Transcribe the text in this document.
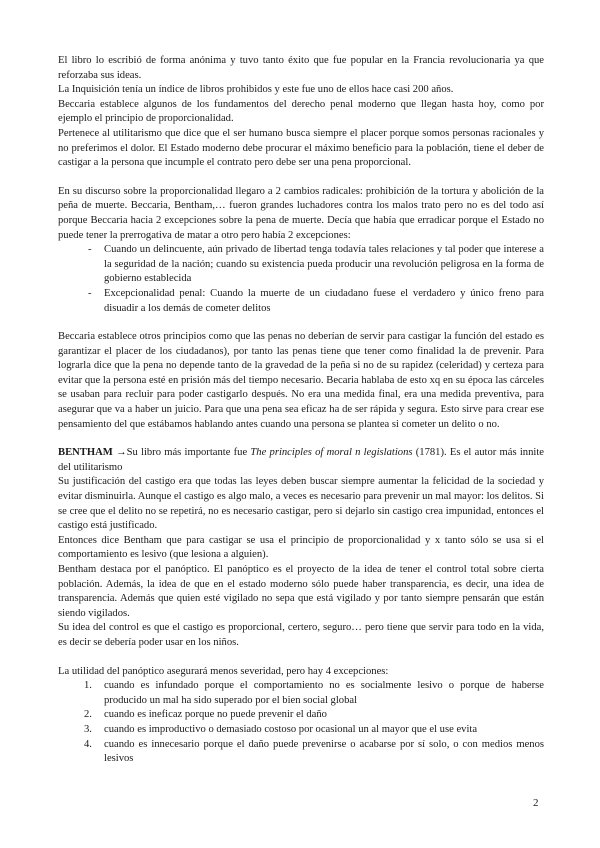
El libro lo escribió de forma anónima y tuvo tanto éxito que fue popular en la Francia revolucionaria ya que reforzaba sus ideas.

La Inquisición tenía un índice de libros prohibidos y este fue uno de ellos hace casi 200 años.

Beccaria establece algunos de los fundamentos del derecho penal moderno que llegan hasta hoy, como por ejemplo el principio de proporcionalidad.

Pertenece al utilitarismo que dice que el ser humano busca siempre el placer porque somos personas racionales y no preferimos el dolor. El Estado moderno debe procurar el máximo beneficio para la población, tiene el deber de castigar a la persona que incumple el contrato pero debe ser una pena proporcional.

En su discurso sobre la proporcionalidad llegaro a 2 cambios radicales: prohibición de la tortura y abolición de la peña de muerte. Beccaria, Bentham,… fueron grandes luchadores contra los malos trato pero no es del todo así porque Beccaria hacia 2 excepciones sobre la pena de muerte. Decía que había que erradicar porque el Estado no puede tener la prerrogativa de matar a otro pero había 2 excepciones:

- Cuando un delincuente, aún privado de libertad tenga todavía tales relaciones y tal poder que interese a la seguridad de la nación; cuando su existencia pueda producir una revolución peligrosa en la forma de gobierno establecida
- Excepcionalidad penal: Cuando la muerte de un ciudadano fuese el verdadero y único freno para disuadir a los demás de cometer delitos

Beccaria establece otros principios como que las penas no deberían de servir para castigar la función del estado es garantizar el placer de los ciudadanos), por tanto las penas tiene que tener como finalidad la de prevenir. Para lograrla dice que la pena no depende tanto de la gravedad de la peña si no de su rapidez (celeridad) y certeza para evitar que la persona esté en prisión más del tiempo necesario. Becaria hablaba de esto xq en su época las cárceles se usaban para recluir para poder castigarlo después. No era una medida final, era una medida preventiva, para asegurar que va a haber un juicio. Para que una pena sea eficaz ha de ser rápida y segura. Esto sirve para crear ese pensamiento del que estábamos hablando antes cuando una persona se plantea si cometer un delito o no.

BENTHAM →Su libro más importante fue The principles of moral n legislations (1781). Es el autor más innite del utilitarismo

Su justificación del castigo era que todas las leyes deben buscar siempre aumentar la felicidad de la sociedad y evitar disminuirla. Aunque el castigo es algo malo, a veces es necesario para prevenir un mal mayor: los delitos. Si se cree que el delito no se repetirá, no es necesario castigar, pero si dejarlo sin castigo crea impunidad, entonces el castigo está justificado.

Entonces dice Bentham que para castigar se usa el principio de proporcionalidad y x tanto sólo se usa si el comportamiento es lesivo (que lesiona a alguien).

Bentham destaca por el panóptico. El panóptico es el proyecto de la idea de tener el control total sobre cierta población. Además, la idea de que en el estado moderno sólo puede haber transparencia, es decir, una idea de transparencia. Además que quien esté vigilado no sepa que está vigilado y por tanto siempre pensarán que están siendo vigilados.

Su idea del control es que el castigo es proporcional, certero, seguro… pero tiene que servir para todo en la vida, es decir se debería poder usar en los niños.

La utilidad del panóptico asegurará menos severidad, pero hay 4 excepciones:

1. cuando es infundado porque el comportamiento no es socialmente lesivo o porque de haberse producido un mal ha sido superado por el bien social global
2. cuando es ineficaz porque no puede prevenir el daño
3. cuando es improductivo o demasiado costoso por ocasional un al mayor que el use evita
4. cuando es innecesario porque el daño puede prevenirse o acabarse por sí solo, o con medios menos lesivos
2
